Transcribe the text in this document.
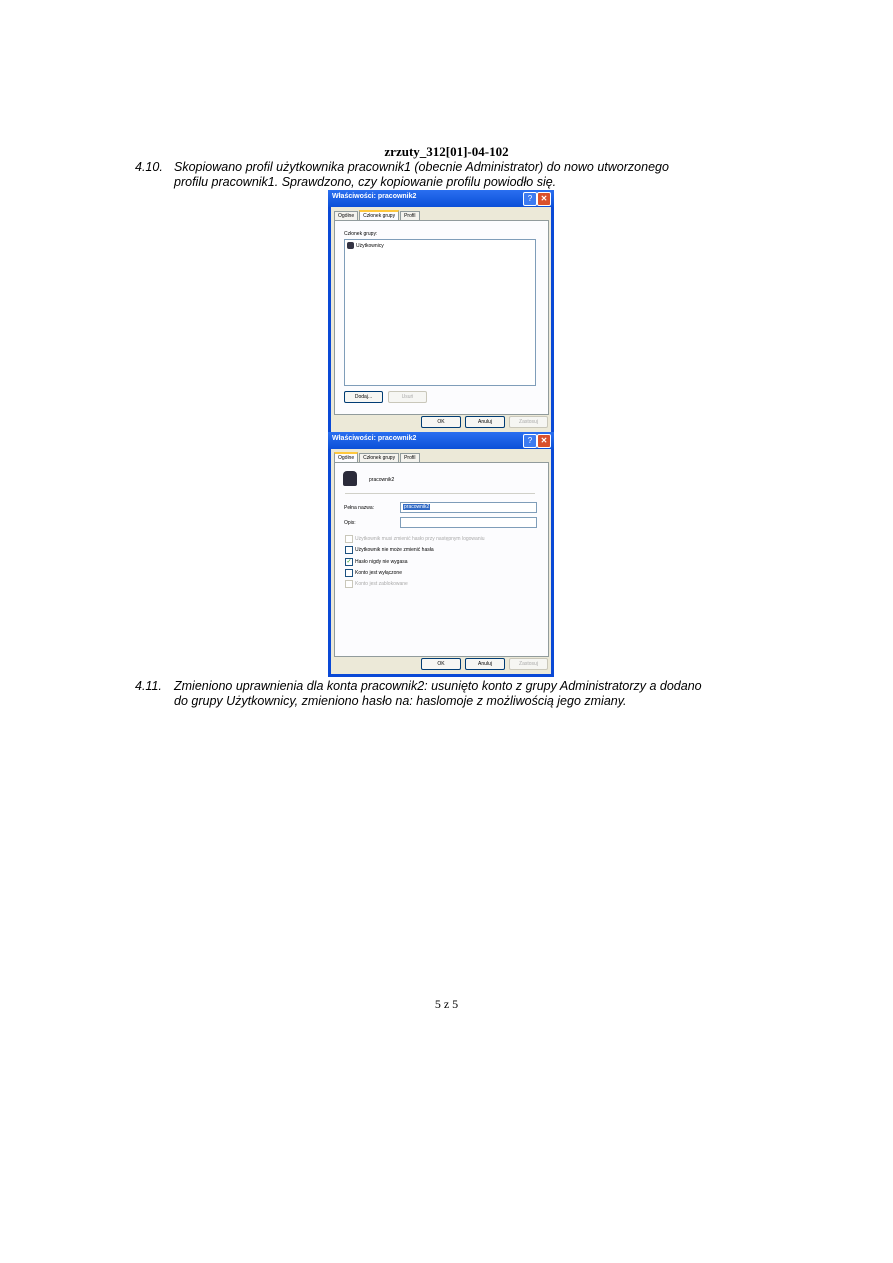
zrzuty_312[01]-04-102
4.10. Skopiowano profil użytkownika pracownik1 (obecnie Administrator) do nowo utworzonego
profilu pracownik1. Sprawdzono, czy kopiowanie profilu powiodło się.
Właściwości: pracownik2	?	✕
Ogólne	Członek grupy	Profil
Członek grupy:
Użytkownicy
Dodaj...	Usuń
OK	Anuluj	Zastosuj
Właściwości: pracownik2	?	✕
Ogólne	Członek grupy	Profil
pracownik2
Pełna nazwa:	pracownik2
Opis:
Użytkownik musi zmienić hasło przy następnym logowaniu
Użytkownik nie może zmienić hasła
✓ Hasło nigdy nie wygasa
Konto jest wyłączone
Konto jest zablokowane
OK	Anuluj	Zastosuj
4.11. Zmieniono uprawnienia dla konta pracownik2: usunięto konto z grupy Administratorzy a dodano
do grupy Użytkownicy, zmieniono hasło na: haslomoje z możliwością jego zmiany.
5 z 5
